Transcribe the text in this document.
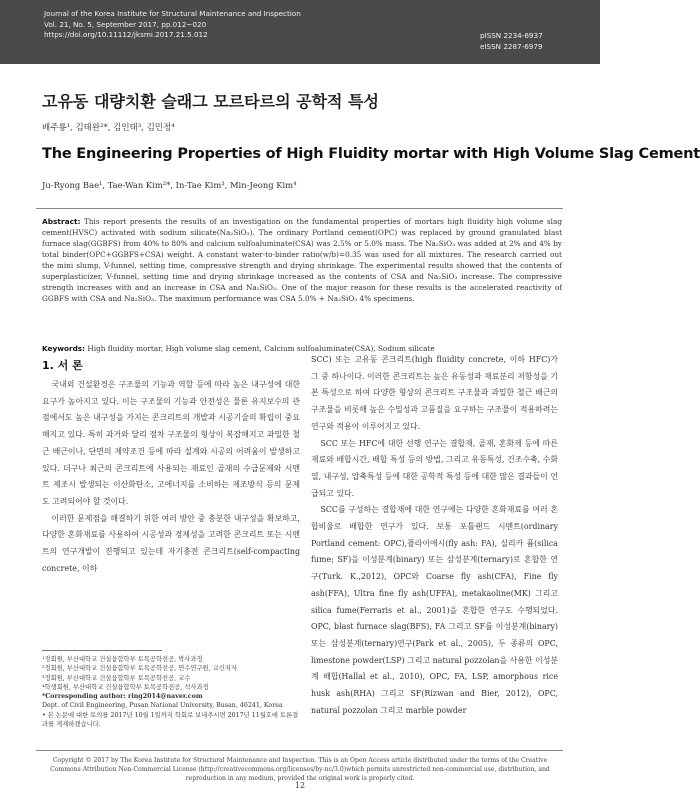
Journal of the Korea Institute for Structural Maintenance and Inspection
Vol. 21, No. 5, September 2017, pp.012~020
https://doi.org/10.11112/jksmi.2017.21.5.012	pISSN 2234-6937
eISSN 2287-6979
고유동 대량치환 슬래그 모르타르의 공학적 특성
배주룡¹, 김태완²*, 김인태³, 김민정⁴
The Engineering Properties of High Fluidity mortar with High Volume Slag Cement
Ju-Ryong Bae¹, Tae-Wan Kim²*, In-Tae Kim³, Min-Jeong Kim⁴
Abstract: This report presents the results of an investigation on the fundamental properties of mortars high fluidity high volume slag cement(HVSC) activated with sodium silicate(Na₂SiO₃). The ordinary Portland cement(OPC) was replaced by ground granulated blast furnace slag(GGBFS) from 40% to 80% and calcium sulfoaluminate(CSA) was 2.5% or 5.0% mass. The Na₂SiO₃ was added at 2% and 4% by total binder(OPC+GGBFS+CSA) weight. A constant water-to-binder ratio(w/b)=0.35 was used for all mixtures. The research carried out the mini slump, V-funnel, setting time, compressive strength and drying shrinkage. The experimental results showed that the contents of superplasticizer, V-funnel, setting time and drying shrinkage increased as the contents of CSA and Na₂SiO₃ increase. The compressive strength increases with and an increase in CSA and Na₂SiO₃. One of the major reason for these results is the accelerated reactivity of GGBFS with CSA and Na₂SiO₃. The maximum performance was CSA 5.0% + Na₂SiO₃ 4% specimens.
Keywords: High fluidity mortar, High volume slag cement, Calcium sulfoaluminate(CSA), Sodium silicate
1. 서 론

국내외 건설환경은 구조물의 기능과 역할 등에 따라 높은 내구성에 대한 요구가 높아지고 있다. 이는 구조물의 기능과 안전성은 물론 유지보수의 관점에서도 높은 내구성을 가지는 콘크리트의 개발과 시공기술의 확립이 중요해지고 있다. 특히 과거와 달리 점차 구조물의 형상이 복잡해지고 과밀한 철근 배근이나, 단면의 제약조건 등에 따라 설계와 시공의 어려움이 발생하고 있다. 더구나 최근의 콘크리트에 사용되는 재료인 골재의 수급문제와 시멘트 제조시 발생되는 이산화탄소, 고에너지를 소비하는 제조방식 등의 문제도 고려되어야 할 것이다.

이러한 문제점을 해결하기 위한 여러 방안 중 충분한 내구성을 확보하고, 다양한 혼화재료를 사용하여 시공성과 경제성을 고려한 콘크리트 또는 시멘트의 연구개발이 진행되고 있는데 자기충전 콘크리트(self-compacting concrete, 이하

SCC) 또는 고유동 콘크리트(high fluidity concrete, 이하 HFC)가 그 중 하나이다. 이러한 콘크리트는 높은 유동성과 재료분리 저항성을 기본 특성으로 하여 다양한 형상의 콘크리트 구조물과 과밀한 철근 배근의 구조물을 비롯해 높은 수밀성과 고품질을 요구하는 구조물이 적용하려는 연구와 적용이 이루어지고 있다.

SCC 또는 HFC에 대한 선행 연구는 결합재, 골재, 혼화제 등에 따른 재료와 배합시간, 배합 특성 등의 방법, 그리고 유동특성, 건조수축, 수화열, 내구성, 압축특성 등에 대한 공학적 특성 등에 대한 많은 결과들이 언급되고 있다.

SCC를 구성하는 결합재에 대한 연구에는 다양한 혼화재료를 여러 혼합비율로 배합한 연구가 있다. 보통 포틀랜드 시멘트(ordinary Portland cement: OPC),플라이애시(fly ash: FA), 실리카 퓸(silica fume; SF)을 이성분계(binary) 또는 삼성분계(ternary)로 혼합한 연구(Turk. K.,2012), OPC와 Coarse fly ash(CFA), Fine fly ash(FFA), Ultra fine fly ash(UFFA), metakaoline(MK) 그리고 silica fume(Ferraris et al., 2001)을 혼합한 연구도 수행되었다. OPC, blast furnace slag(BFS), FA 그리고 SF를 이성분계(binary) 또는 삼성분계(ternary)연구(Park et al., 2005), 두 종류의 OPC, limestone powder(LSP) 그리고 natural pozzolan을 사용한 이성분계 배합(Hallal et al., 2010), OPC, FA, LSP, amorphous rice husk ash(RHA) 그리고 SF(Rizwan and Bier, 2012), OPC, natural pozzolan 그리고 marble powder

¹정회원, 부산대학교 건설융합학부 토목공학전공, 박사과정
²정회원, 부산대학교 건설융합학부 토목공학전공, 연수연구원, 교신저자
³정회원, 부산대학교 건설융합학부 토목공학전공, 교수
⁴학생회원, 부산대학교 건설융합학부 토목공학전공, 석사과정
*Corresponding author: ring2014@naver.com
Dept. of Civil Engineering, Pusan National University, Busan, 46241, Korea
• 본 논문에 대한 토의를 2017년 10월 1일까지 학회로 보내주시면 2017년 11월호에 토론결과를 게재하겠습니다.
Copyright © 2017 by The Korea Institute for Structural Maintenance and Inspection. This is an Open Access article distributed under the terms of the Creative Commons Attribution Non-Commercial License (http://creativecommons.org/licenses/by-nc/3.0)which permits unrestricted non-commercial use, distribution, and reproduction in any medium, provided the original work is properly cited.
12
